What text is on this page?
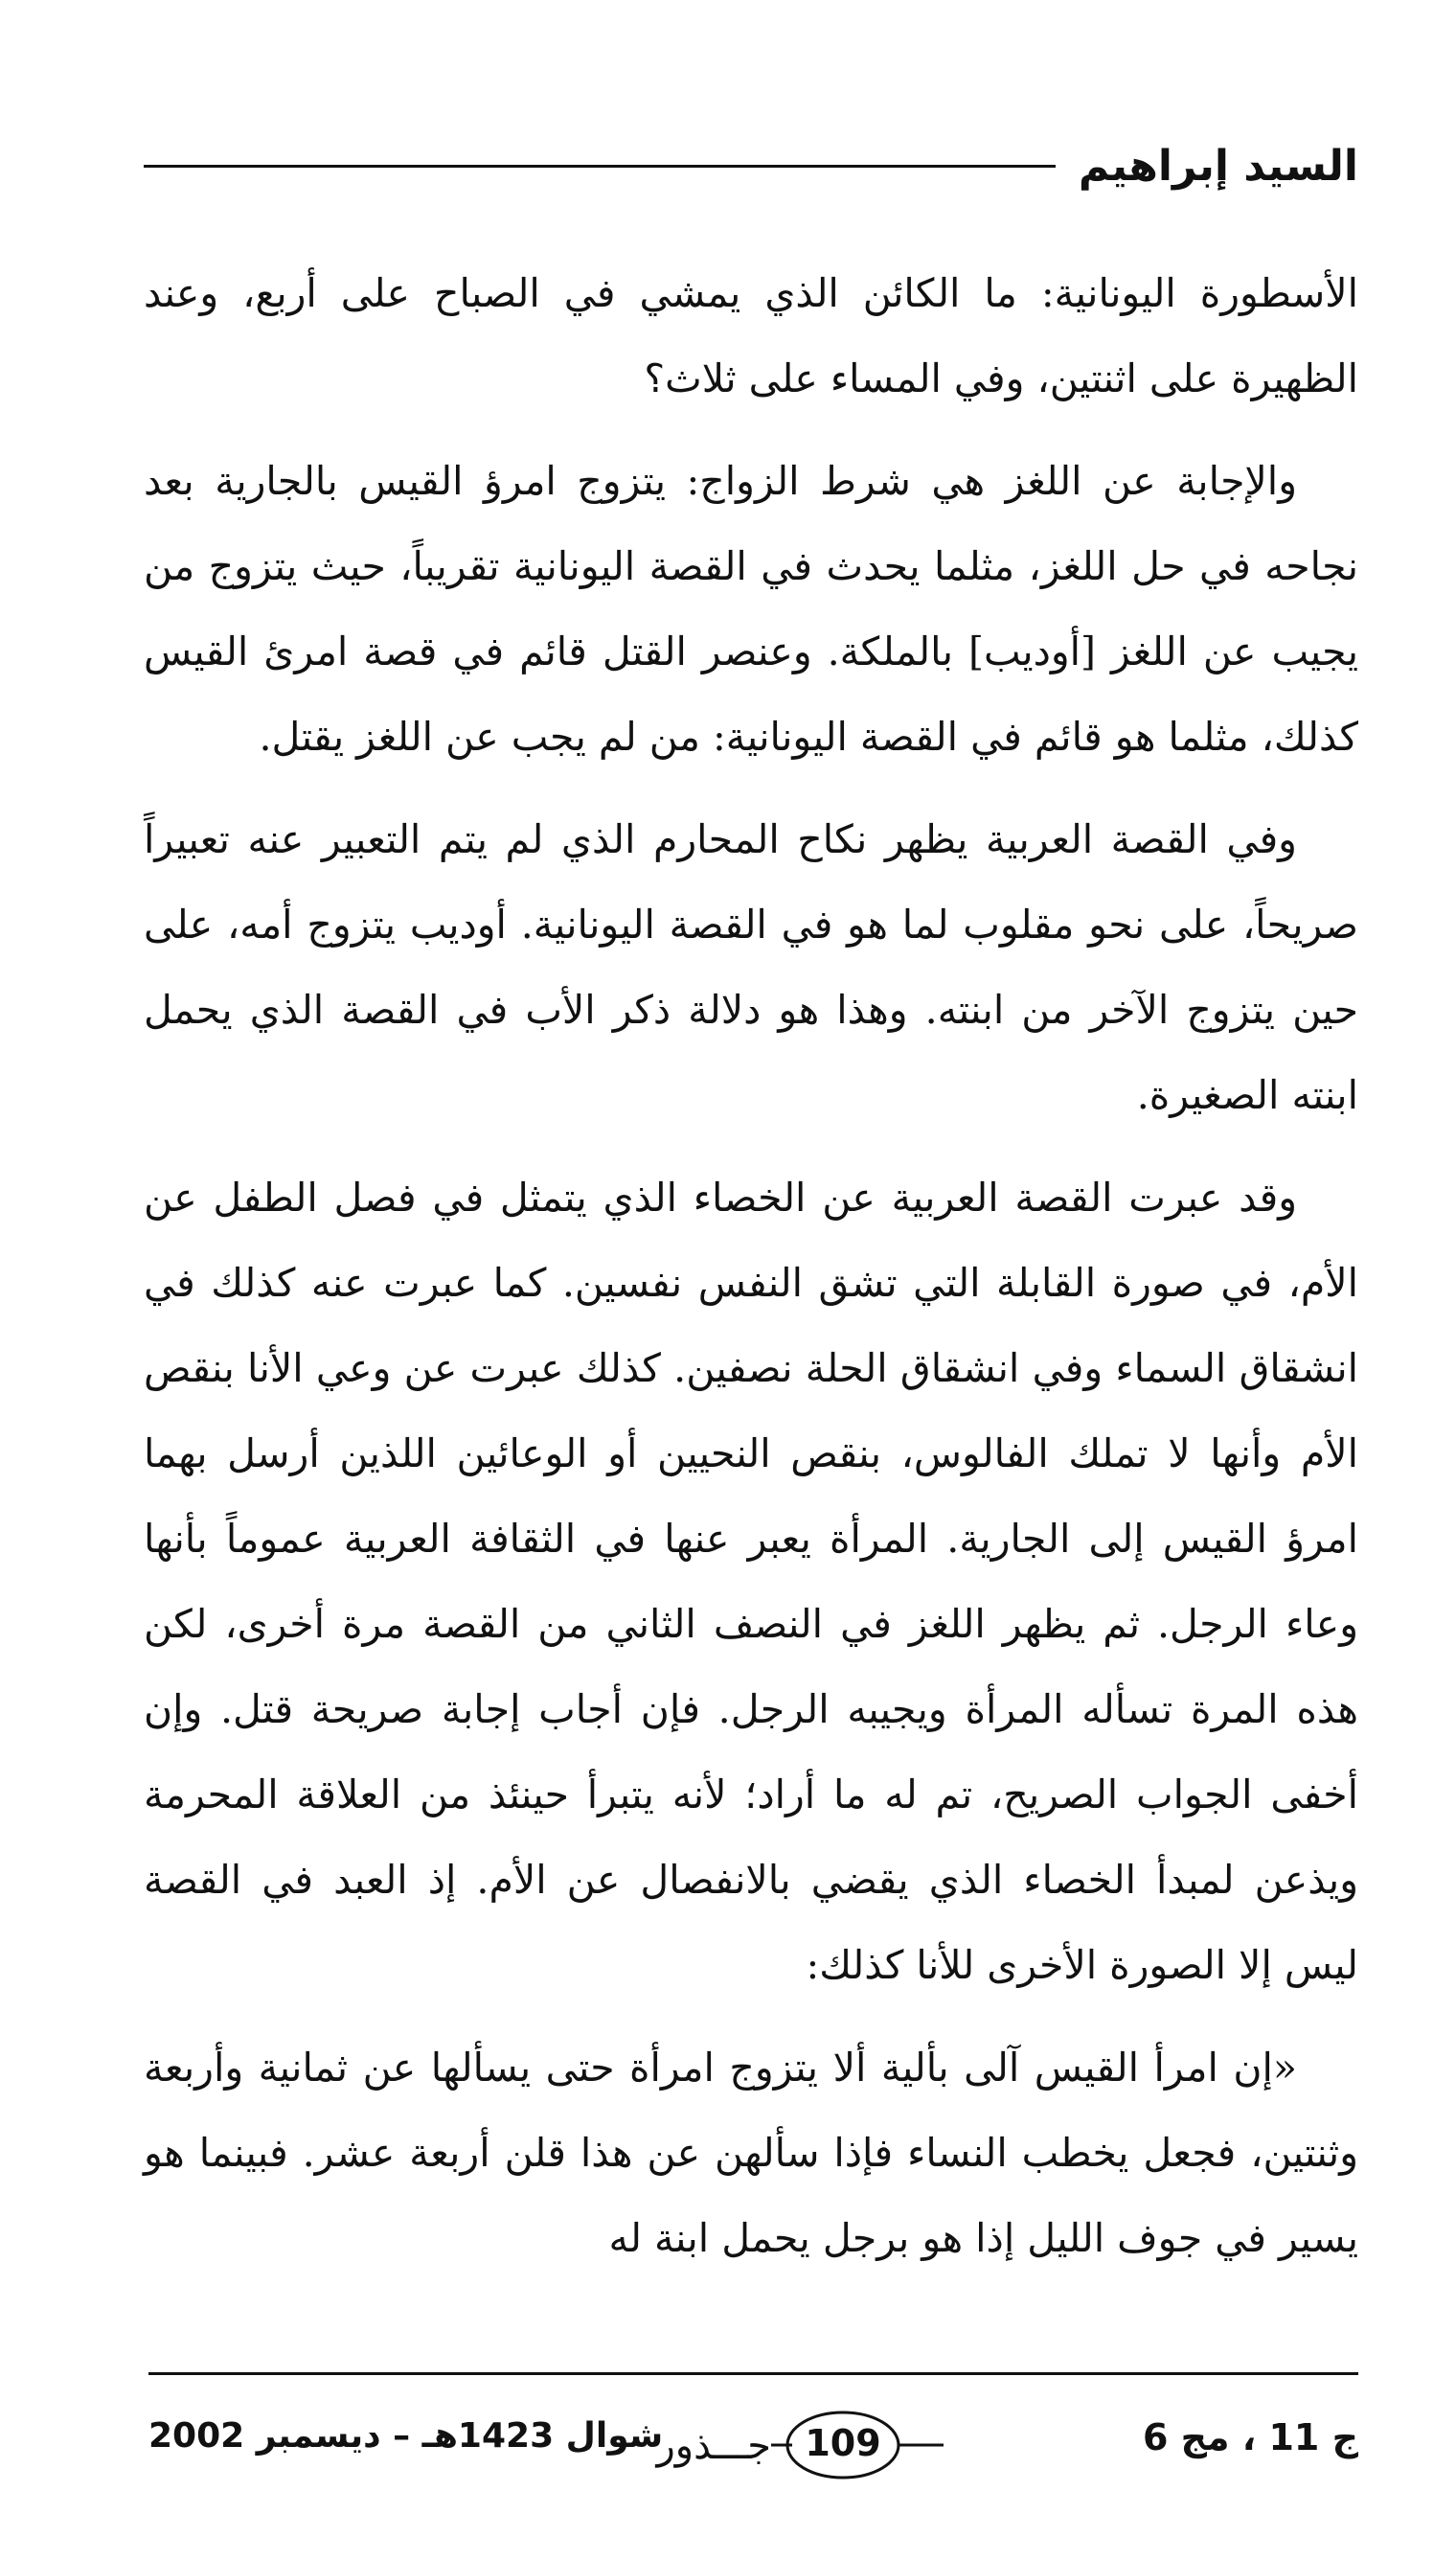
السيد إبراهيم

الأسطورة اليونانية: ما الكائن الذي يمشي في الصباح على أربع، وعند الظهيرة على اثنتين، وفي المساء على ثلاث؟

والإجابة عن اللغز هي شرط الزواج: يتزوج امرؤ القيس بالجارية بعد نجاحه في حل اللغز، مثلما يحدث في القصة اليونانية تقريباً، حيث يتزوج من يجيب عن اللغز [أوديب] بالملكة. وعنصر القتل قائم في قصة امرئ القيس كذلك، مثلما هو قائم في القصة اليونانية: من لم يجب عن اللغز يقتل.

وفي القصة العربية يظهر نكاح المحارم الذي لم يتم التعبير عنه تعبيراً صريحاً، على نحو مقلوب لما هو في القصة اليونانية. أوديب يتزوج أمه، على حين يتزوج الآخر من ابنته. وهذا هو دلالة ذكر الأب في القصة الذي يحمل ابنته الصغيرة.

وقد عبرت القصة العربية عن الخصاء الذي يتمثل في فصل الطفل عن الأم، في صورة القابلة التي تشق النفس نفسين. كما عبرت عنه كذلك في انشقاق السماء وفي انشقاق الحلة نصفين. كذلك عبرت عن وعي الأنا بنقص الأم وأنها لا تملك الفالوس، بنقص النحيين أو الوعائين اللذين أرسل بهما امرؤ القيس إلى الجارية. المرأة يعبر عنها في الثقافة العربية عموماً بأنها وعاء الرجل. ثم يظهر اللغز في النصف الثاني من القصة مرة أخرى، لكن هذه المرة تسأله المرأة ويجيبه الرجل. فإن أجاب إجابة صريحة قتل. وإن أخفى الجواب الصريح، تم له ما أراد؛ لأنه يتبرأ حينئذ من العلاقة المحرمة ويذعن لمبدأ الخصاء الذي يقضي بالانفصال عن الأم. إذ العبد في القصة ليس إلا الصورة الأخرى للأنا كذلك:

«إن امرأ القيس آلى بألية ألا يتزوج امرأة حتى يسألها عن ثمانية وأربعة وثنتين، فجعل يخطب النساء فإذا سألهن عن هذا قلن أربعة عشر. فبينما هو يسير في جوف الليل إذا هو برجل يحمل ابنة له

ج 11 ، مج 6
109
جـــذور
شوال 1423هـ – ديسمبر 2002
